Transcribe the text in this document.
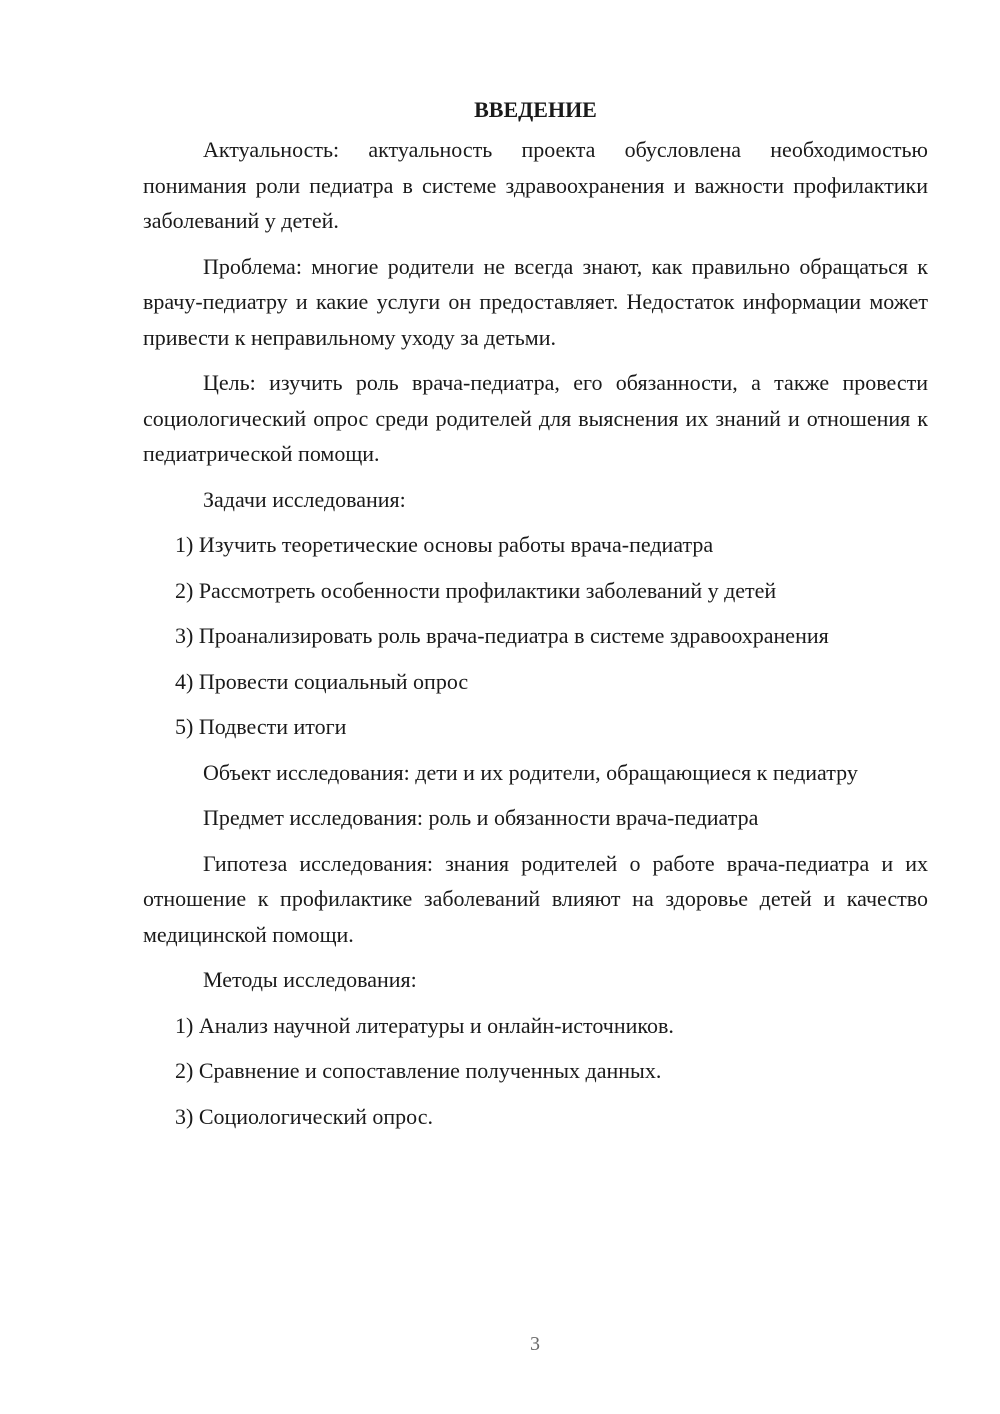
ВВЕДЕНИЕ

Актуальность: актуальность проекта обусловлена необходимостью понимания роли педиатра в системе здравоохранения и важности профилактики заболеваний у детей.

Проблема: многие родители не всегда знают, как правильно обращаться к врачу-педиатру и какие услуги он предоставляет. Недостаток информации может привести к неправильному уходу за детьми.

Цель: изучить роль врача-педиатра, его обязанности, а также провести социологический опрос среди родителей для выяснения их знаний и отношения к педиатрической помощи.

Задачи исследования:

1) Изучить теоретические основы работы врача-педиатра

2) Рассмотреть особенности профилактики заболеваний у детей

3) Проанализировать роль врача-педиатра в системе здравоохранения

4) Провести социальный опрос

5) Подвести итоги

Объект исследования: дети и их родители, обращающиеся к педиатру

Предмет исследования: роль и обязанности врача-педиатра

Гипотеза исследования: знания родителей о работе врача-педиатра и их отношение к профилактике заболеваний влияют на здоровье детей и качество медицинской помощи.

Методы исследования:

1) Анализ научной литературы и онлайн-источников.

2) Сравнение и сопоставление полученных данных.

3) Социологический опрос.

3
